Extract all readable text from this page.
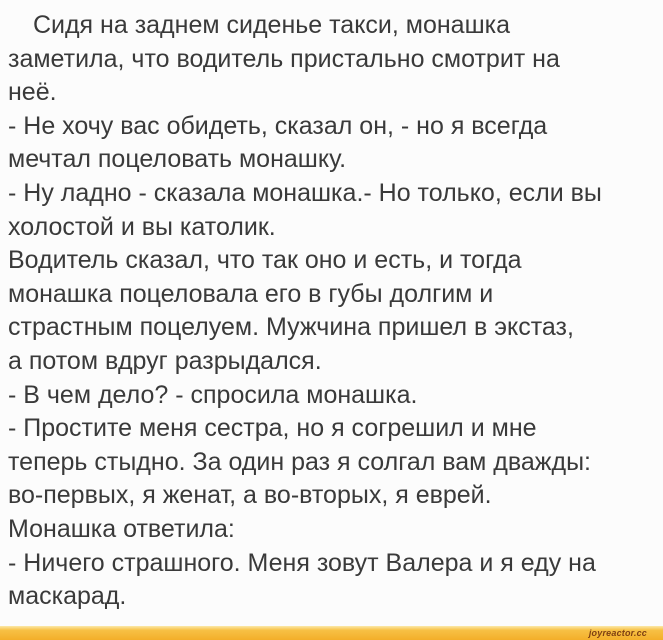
Сидя на заднем сиденье такси, монашка
заметила, что водитель пристально смотрит на
неё.
- Не хочу вас обидеть, сказал он, - но я всегда
мечтал поцеловать монашку.
- Ну ладно - сказала монашка.- Но только, если вы
холостой и вы католик.
Водитель сказал, что так оно и есть, и тогда
монашка поцеловала его в губы долгим и
страстным поцелуем. Мужчина пришел в экстаз,
а потом вдруг разрыдался.
- В чем дело? - спросила монашка.
- Простите меня сестра, но я согрешил и мне
теперь стыдно. За один раз я солгал вам дважды:
во-первых, я женат, а во-вторых, я еврей.
Монашка ответила:
- Ничего страшного. Меня зовут Валера и я еду на
маскарад.
joyreactor.cc
